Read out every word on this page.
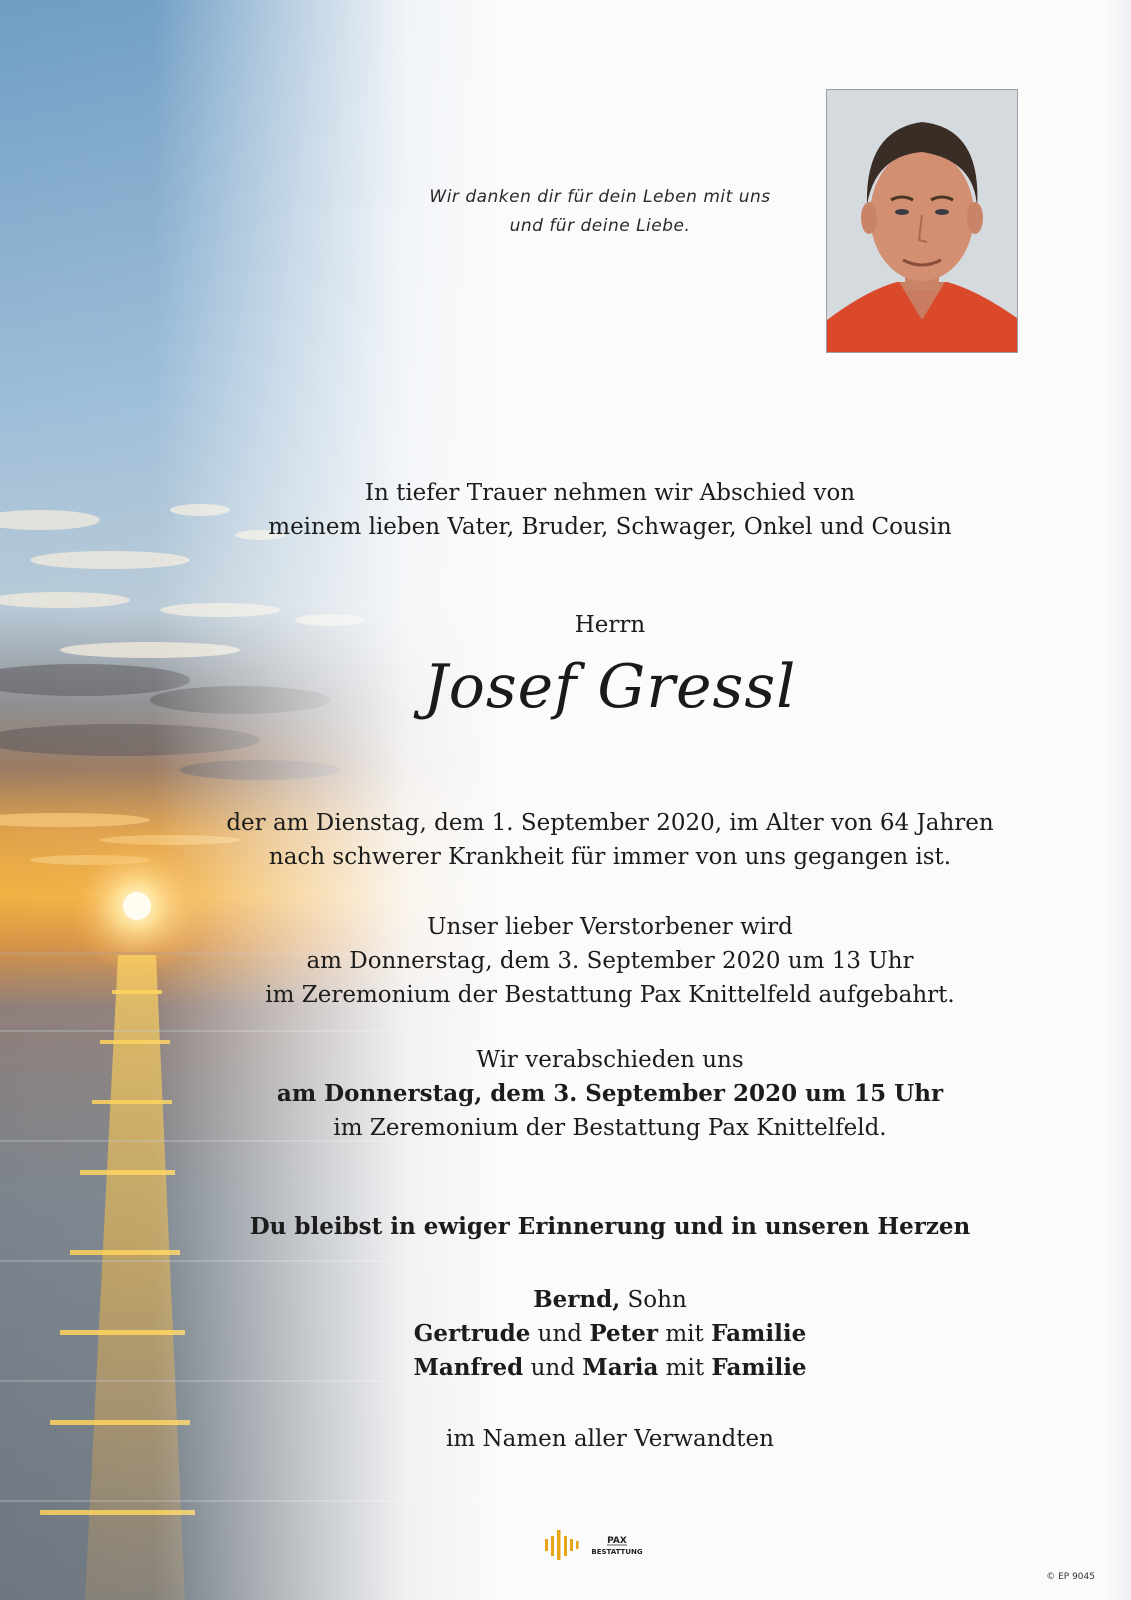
Wir danken dir für dein Leben mit uns
und für deine Liebe.
In tiefer Trauer nehmen wir Abschied von
meinem lieben Vater, Bruder, Schwager, Onkel und Cousin
Herrn
Josef Gressl
der am Dienstag, dem 1. September 2020, im Alter von 64 Jahren
nach schwerer Krankheit für immer von uns gegangen ist.
Unser lieber Verstorbener wird
am Donnerstag, dem 3. September 2020 um 13 Uhr
im Zeremonium der Bestattung Pax Knittelfeld aufgebahrt.
Wir verabschieden uns
am Donnerstag, dem 3. September 2020 um 15 Uhr
im Zeremonium der Bestattung Pax Knittelfeld.
Du bleibst in ewiger Erinnerung und in unseren Herzen
Bernd, Sohn
Gertrude und Peter mit Familie
Manfred und Maria mit Familie
im Namen aller Verwandten
PAX
BESTATTUNG
© EP 9045
